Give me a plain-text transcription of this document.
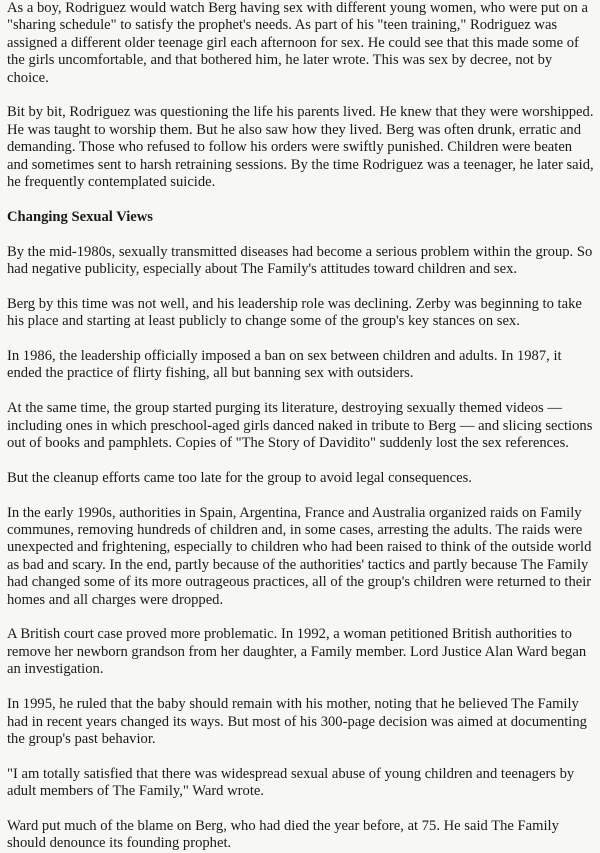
As a boy, Rodriguez would watch Berg having sex with different young women, who were put on a "sharing schedule" to satisfy the prophet's needs. As part of his "teen training," Rodriguez was assigned a different older teenage girl each afternoon for sex. He could see that this made some of the girls uncomfortable, and that bothered him, he later wrote. This was sex by decree, not by choice.

Bit by bit, Rodriguez was questioning the life his parents lived. He knew that they were worshipped. He was taught to worship them. But he also saw how they lived. Berg was often drunk, erratic and demanding. Those who refused to follow his orders were swiftly punished. Children were beaten and sometimes sent to harsh retraining sessions. By the time Rodriguez was a teenager, he later said, he frequently contemplated suicide.

Changing Sexual Views

By the mid-1980s, sexually transmitted diseases had become a serious problem within the group. So had negative publicity, especially about The Family's attitudes toward children and sex.

Berg by this time was not well, and his leadership role was declining. Zerby was beginning to take his place and starting at least publicly to change some of the group's key stances on sex.

In 1986, the leadership officially imposed a ban on sex between children and adults. In 1987, it ended the practice of flirty fishing, all but banning sex with outsiders.

At the same time, the group started purging its literature, destroying sexually themed videos — including ones in which preschool-aged girls danced naked in tribute to Berg — and slicing sections out of books and pamphlets. Copies of "The Story of Davidito" suddenly lost the sex references.

But the cleanup efforts came too late for the group to avoid legal consequences.

In the early 1990s, authorities in Spain, Argentina, France and Australia organized raids on Family communes, removing hundreds of children and, in some cases, arresting the adults. The raids were unexpected and frightening, especially to children who had been raised to think of the outside world as bad and scary. In the end, partly because of the authorities' tactics and partly because The Family had changed some of its more outrageous practices, all of the group's children were returned to their homes and all charges were dropped.

A British court case proved more problematic. In 1992, a woman petitioned British authorities to remove her newborn grandson from her daughter, a Family member. Lord Justice Alan Ward began an investigation.

In 1995, he ruled that the baby should remain with his mother, noting that he believed The Family had in recent years changed its ways. But most of his 300-page decision was aimed at documenting the group's past behavior.

"I am totally satisfied that there was widespread sexual abuse of young children and teenagers by adult members of The Family," Ward wrote.

Ward put much of the blame on Berg, who had died the year before, at 75. He said The Family should denounce its founding prophet.
